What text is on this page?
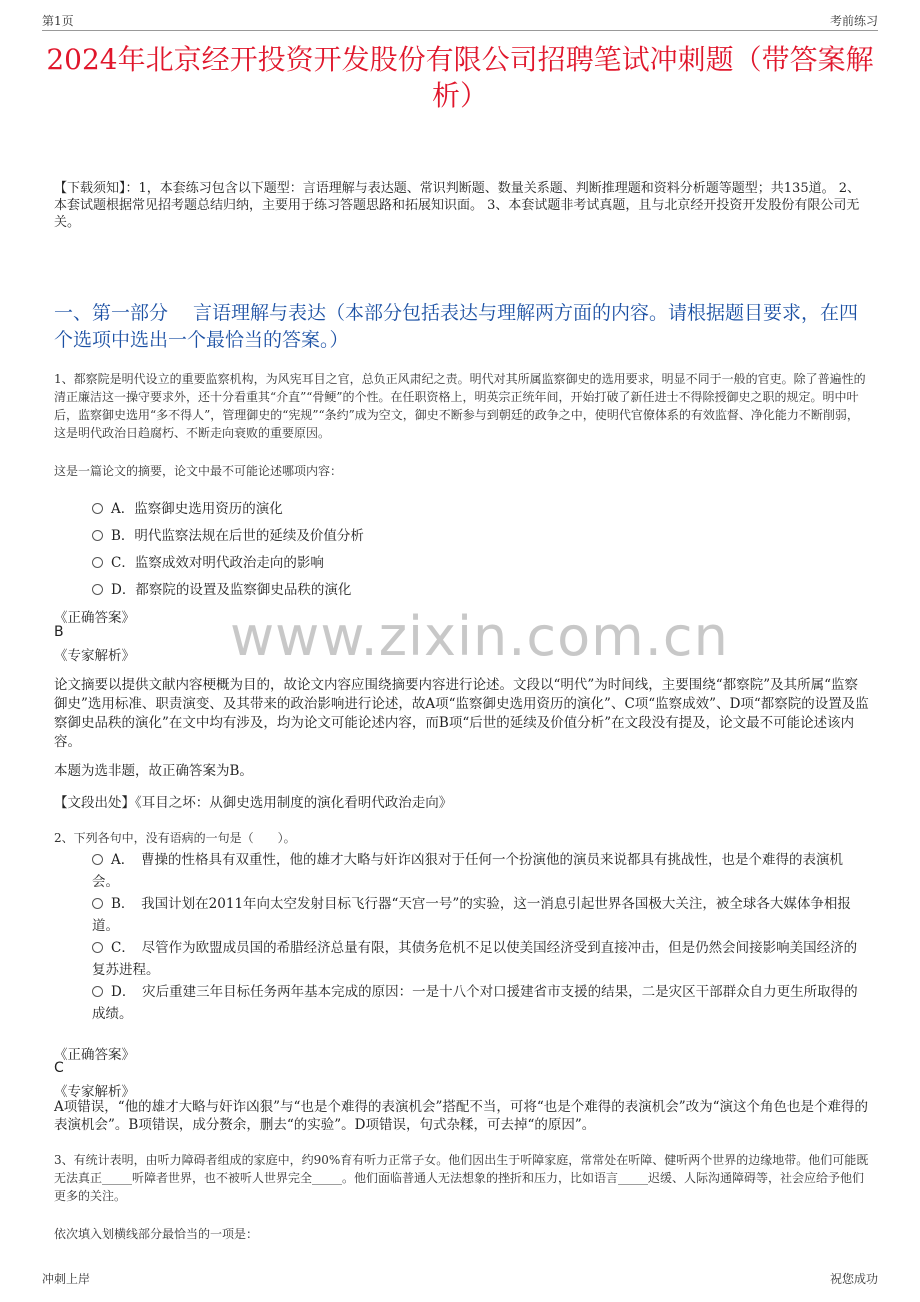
第1页	考前练习
2024年北京经开投资开发股份有限公司招聘笔试冲刺题（带答案解析）
【下载须知】：1，本套练习包含以下题型：言语理解与表达题、常识判断题、数量关系题、判断推理题和资料分析题等题型；共135道。 2、本套试题根据常见招考题总结归纳，主要用于练习答题思路和拓展知识面。 3、本套试题非考试真题，且与北京经开投资开发股份有限公司无关。
一、第一部分　 言语理解与表达（本部分包括表达与理解两方面的内容。请根据题目要求，在四个选项中选出一个最恰当的答案。）
1、都察院是明代设立的重要监察机构，为风宪耳目之官，总负正风肃纪之责。明代对其所属监察御史的选用要求，明显不同于一般的官吏。除了普遍性的清正廉洁这一操守要求外，还十分看重其“介直”“骨鲠”的个性。在任职资格上，明英宗正统年间，开始打破了新任进士不得除授御史之职的规定。明中叶后，监察御史选用“多不得人”，管理御史的“宪规”“条约”成为空文，御史不断参与到朝廷的政争之中，使明代官僚体系的有效监督、净化能力不断削弱，这是明代政治日趋腐朽、不断走向衰败的重要原因。
这是一篇论文的摘要，论文中最不可能论述哪项内容：
A．监察御史选用资历的演化
B．明代监察法规在后世的延续及价值分析
C．监察成效对明代政治走向的影响
D．都察院的设置及监察御史品秩的演化
《正确答案》
B
《专家解析》 www.zixin.com.cn
论文摘要以提供文献内容梗概为目的，故论文内容应围绕摘要内容进行论述。文段以“明代”为时间线，主要围绕“都察院”及其所属“监察御史”选用标准、职责演变、及其带来的政治影响进行论述，故A项“监察御史选用资历的演化”、C项“监察成效”、D项“都察院的设置及监察御史品秩的演化”在文中均有涉及，均为论文可能论述内容，而B项“后世的延续及价值分析”在文段没有提及，论文最不可能论述该内容。
本题为选非题，故正确答案为B。
【文段出处】《耳目之坏：从御史选用制度的演化看明代政治走向》
2、下列各句中，没有语病的一句是（　　）。
A．　曹操的性格具有双重性，他的雄才大略与奸诈凶狠对于任何一个扮演他的演员来说都具有挑战性，也是个难得的表演机会。
B．　我国计划在2011年向太空发射目标飞行器“天宫一号”的实验，这一消息引起世界各国极大关注，被全球各大媒体争相报道。
C．　尽管作为欧盟成员国的希腊经济总量有限，其债务危机不足以使美国经济受到直接冲击，但是仍然会间接影响美国经济的复苏进程。
D．　灾后重建三年目标任务两年基本完成的原因：一是十八个对口援建省市支援的结果，二是灾区干部群众自力更生所取得的成绩。
《正确答案》
C
《专家解析》
A项错误，“他的雄才大略与奸诈凶狠”与“也是个难得的表演机会”搭配不当，可将“也是个难得的表演机会”改为“演这个角色也是个难得的表演机会”。B项错误，成分赘余，删去“的实验”。D项错误，句式杂糅，可去掉“的原因”。
3、有统计表明，由听力障碍者组成的家庭中，约90%育有听力正常子女。他们因出生于听障家庭，常常处在听障、健听两个世界的边缘地带。他们可能既无法真正_____听障者世界，也不被听人世界完全_____。他们面临普通人无法想象的挫折和压力，比如语言_____迟缓、人际沟通障碍等，社会应给予他们更多的关注。
依次填入划横线部分最恰当的一项是：
冲刺上岸	祝您成功
